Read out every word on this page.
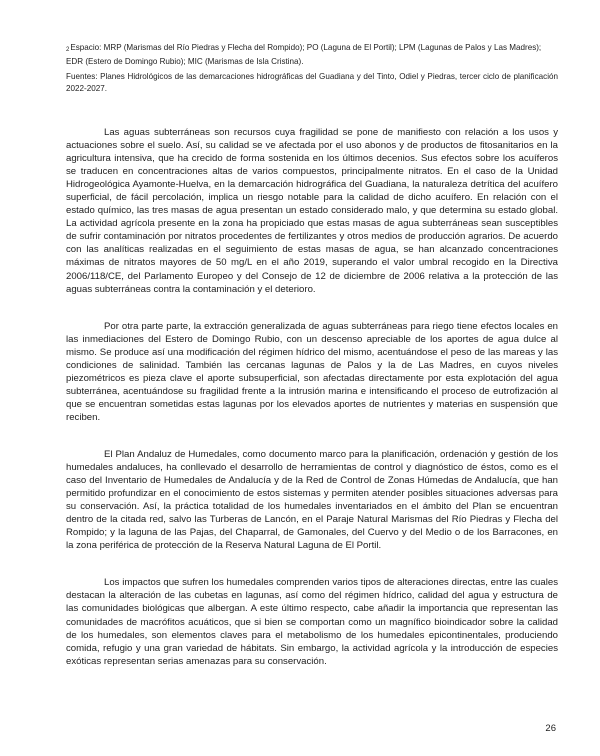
2Espacio: MRP (Marismas del Río Piedras y Flecha del Rompido); PO (Laguna de El Portil); LPM (Lagunas de Palos y Las Madres); EDR (Estero de Domingo Rubio); MIC (Marismas de Isla Cristina).

Fuentes: Planes Hidrológicos de las demarcaciones hidrográficas del Guadiana y del Tinto, Odiel y Piedras, tercer ciclo de planificación 2022-2027.

Las aguas subterráneas son recursos cuya fragilidad se pone de manifiesto con relación a los usos y actuaciones sobre el suelo. Así, su calidad se ve afectada por el uso abonos y de productos de fitosanitarios en la agricultura intensiva, que ha crecido de forma sostenida en los últimos decenios. Sus efectos sobre los acuíferos se traducen en concentraciones altas de varios compuestos, principalmente nitratos. En el caso de la Unidad Hidrogeológica Ayamonte-Huelva, en la demarcación hidrográfica del Guadiana, la naturaleza detrítica del acuífero superficial, de fácil percolación, implica un riesgo notable para la calidad de dicho acuífero. En relación con el estado químico, las tres masas de agua presentan un estado considerado malo, y que determina su estado global. La actividad agrícola presente en la zona ha propiciado que estas masas de agua subterráneas sean susceptibles de sufrir contaminación por nitratos procedentes de fertilizantes y otros medios de producción agrarios. De acuerdo con las analíticas realizadas en el seguimiento de estas masas de agua, se han alcanzado concentraciones máximas de nitratos mayores de 50 mg/L en el año 2019, superando el valor umbral recogido en la Directiva 2006/118/CE, del Parlamento Europeo y del Consejo de 12 de diciembre de 2006 relativa a la protección de las aguas subterráneas contra la contaminación y el deterioro.

Por otra parte parte, la extracción generalizada de aguas subterráneas para riego tiene efectos locales en las inmediaciones del Estero de Domingo Rubio, con un descenso apreciable de los aportes de agua dulce al mismo. Se produce así una modificación del régimen hídrico del mismo, acentuándose el peso de las mareas y las condiciones de salinidad. También las cercanas lagunas de Palos y la de Las Madres, en cuyos niveles piezométricos es pieza clave el aporte subsuperficial, son afectadas directamente por esta explotación del agua subterránea, acentuándose su fragilidad frente a la intrusión marina e intensificando el proceso de eutrofización al que se encuentran sometidas estas lagunas por los elevados aportes de nutrientes y materias en suspensión que reciben.

El Plan Andaluz de Humedales, como documento marco para la planificación, ordenación y gestión de los humedales andaluces, ha conllevado el desarrollo de herramientas de control y diagnóstico de éstos, como es el caso del Inventario de Humedales de Andalucía y de la Red de Control de Zonas Húmedas de Andalucía, que han permitido profundizar en el conocimiento de estos sistemas y permiten atender posibles situaciones adversas para su conservación. Así, la práctica totalidad de los humedales inventariados en el ámbito del Plan se encuentran dentro de la citada red, salvo las Turberas de Lancón, en el Paraje Natural Marismas del Río Piedras y Flecha del Rompido; y la laguna de las Pajas, del Chaparral, de Gamonales, del Cuervo y del Medio o de los Barracones, en la zona periférica de protección de la Reserva Natural Laguna de El Portil.

Los impactos que sufren los humedales comprenden varios tipos de alteraciones directas, entre las cuales destacan la alteración de las cubetas en lagunas, así como del régimen hídrico, calidad del agua y estructura de las comunidades biológicas que albergan. A este último respecto, cabe añadir la importancia que representan las comunidades de macrófitos acuáticos, que si bien se comportan como un magnífico bioindicador sobre la calidad de los humedales, son elementos claves para el metabolismo de los humedales epicontinentales, produciendo comida, refugio y una gran variedad de hábitats. Sin embargo, la actividad agrícola y la introducción de especies exóticas representan serias amenazas para su conservación.

26
